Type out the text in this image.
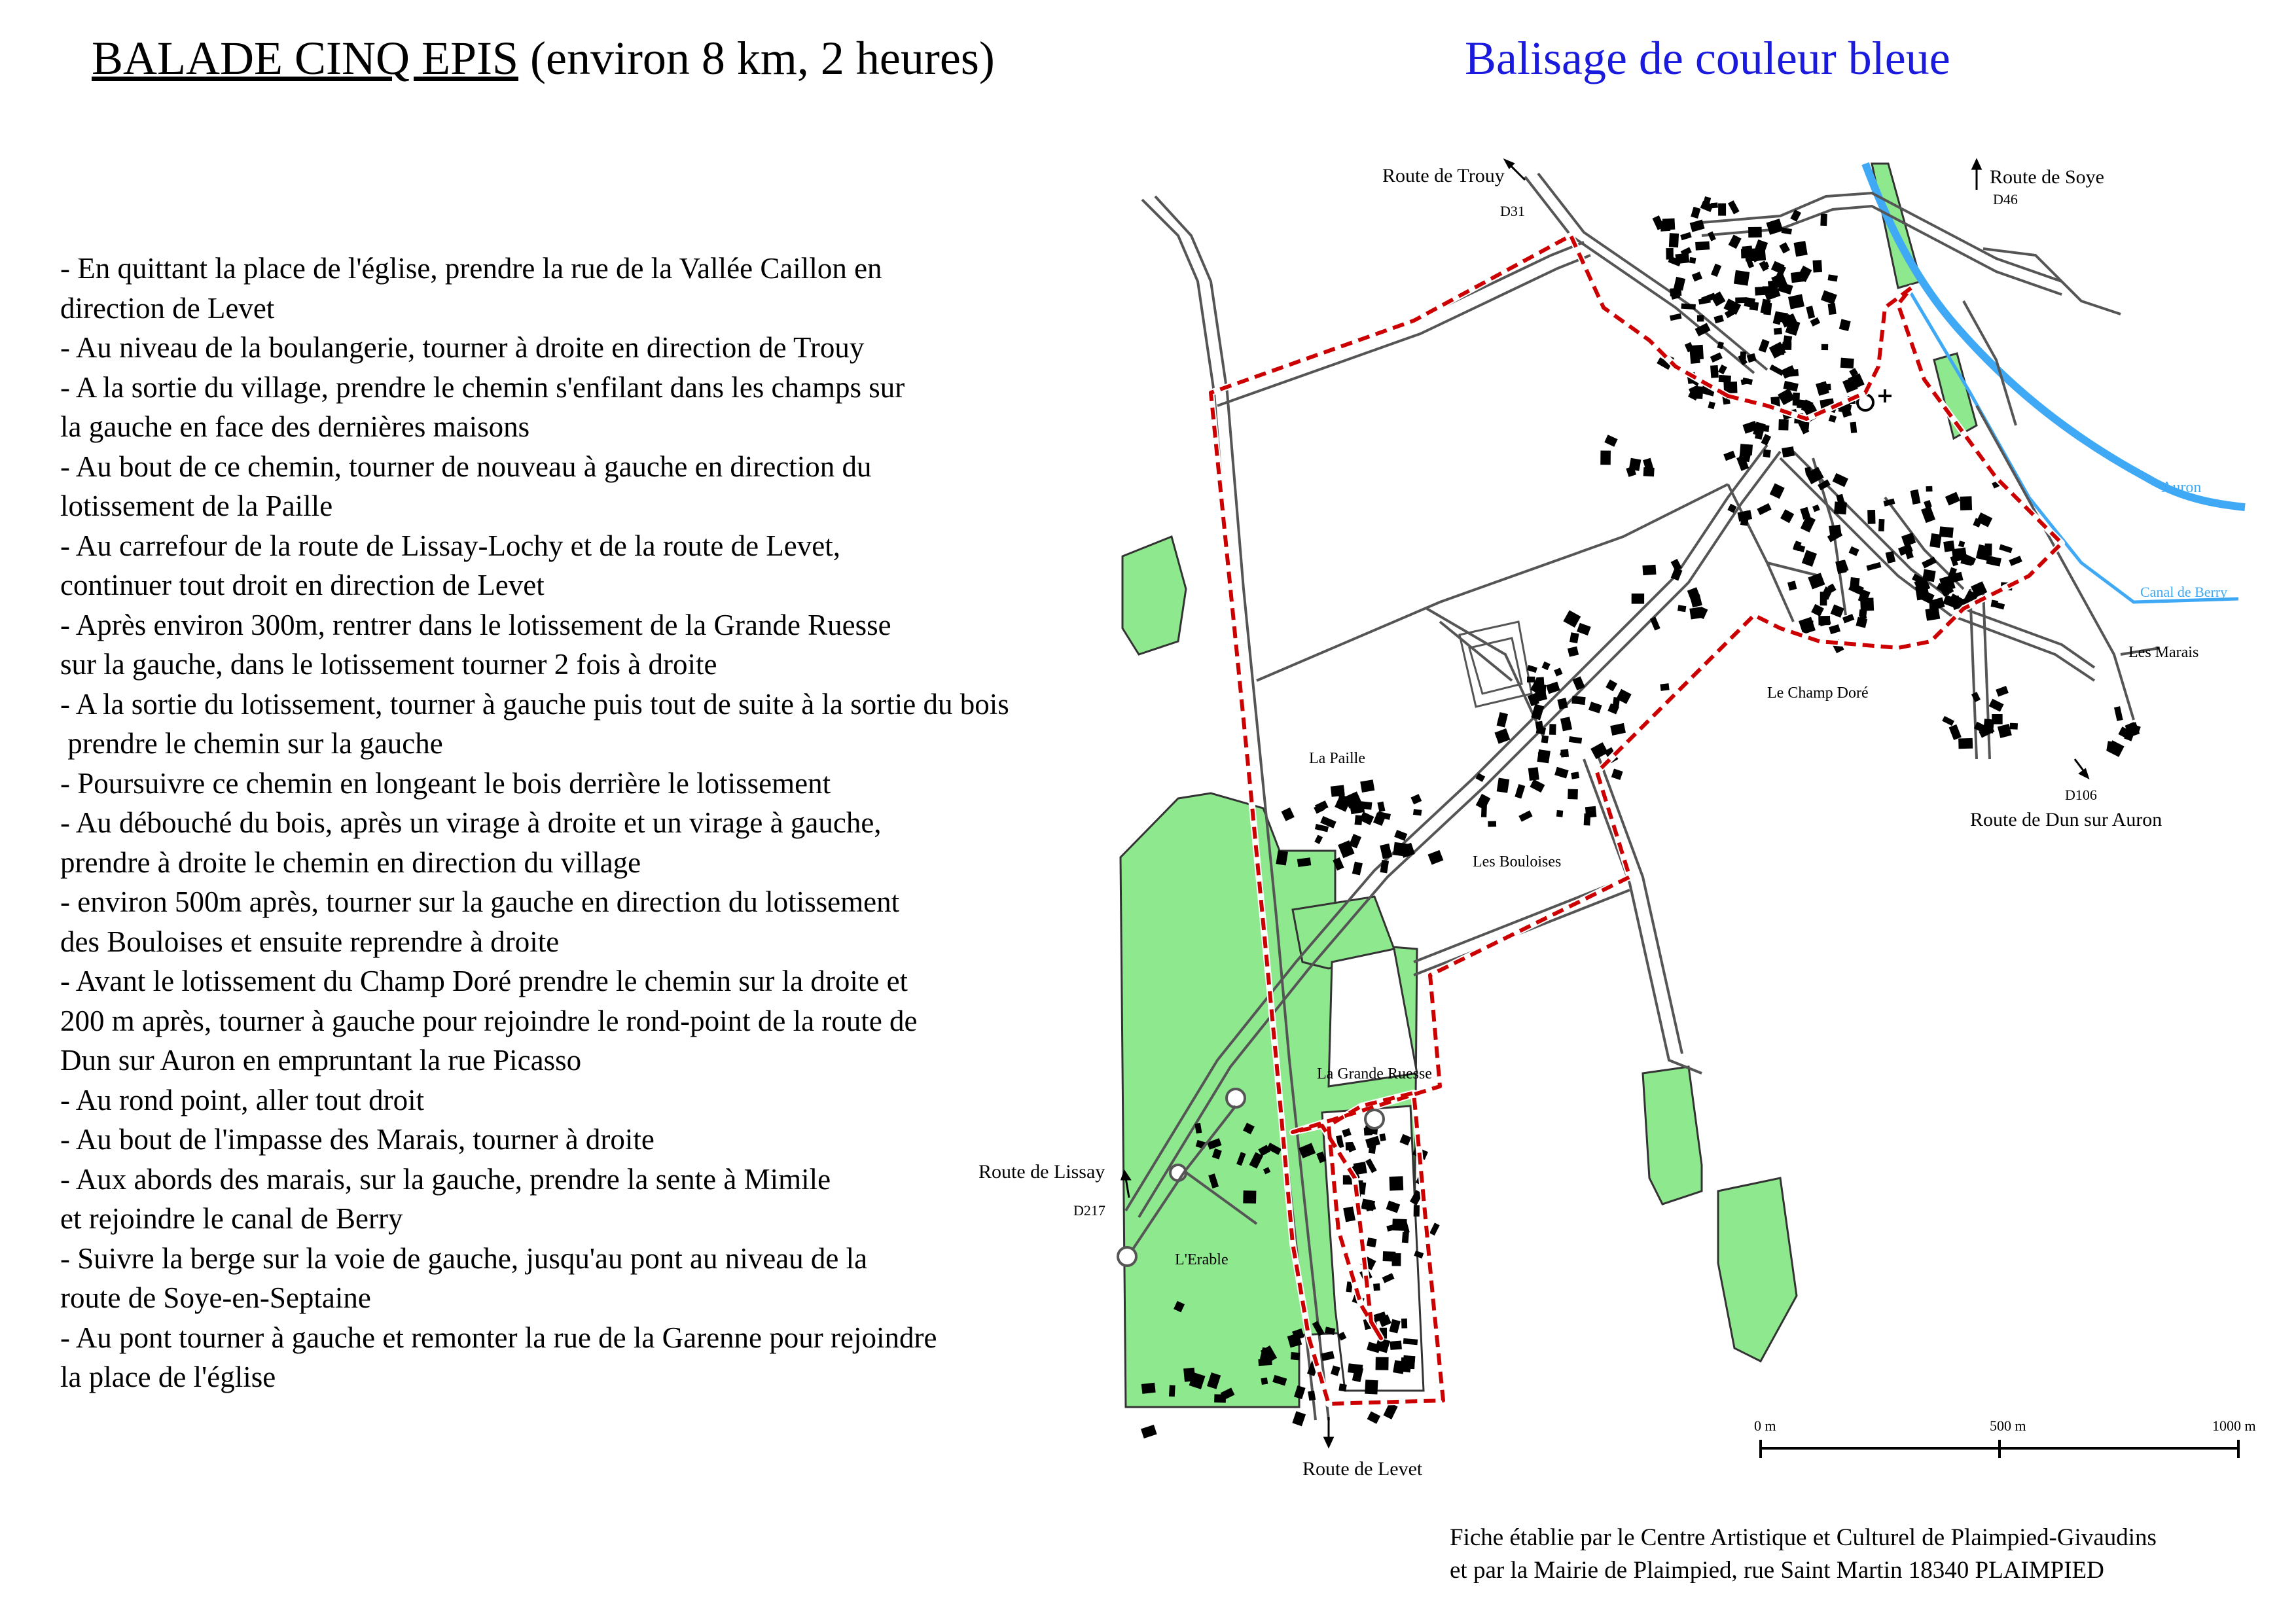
BALADE CINQ EPIS (environ 8 km, 2 heures)	Balisage de couleur bleue
- En quittant la place de l'église, prendre la rue de la Vallée Caillon en
direction de Levet
- Au niveau de la boulangerie, tourner à droite en direction de Trouy
- A la sortie du village, prendre le chemin s'enfilant dans les champs sur
la gauche en face des dernières maisons
- Au bout de ce chemin, tourner de nouveau à gauche en direction du
lotissement de la Paille
- Au carrefour de la route de Lissay-Lochy et de la route de Levet,
continuer tout droit en direction de Levet
- Après environ 300m, rentrer dans le lotissement de la Grande Ruesse
sur la gauche, dans le lotissement tourner 2 fois à droite
- A la sortie du lotissement, tourner à gauche puis tout de suite à la sortie du bois
prendre le chemin sur la gauche
- Poursuivre ce chemin en longeant le bois derrière le lotissement
- Au débouché du bois, après un virage à droite et un virage à gauche,
prendre à droite le chemin en direction du village
- environ 500m après, tourner sur la gauche en direction du lotissement
des Bouloises et ensuite reprendre à droite
- Avant le lotissement du Champ Doré prendre le chemin sur la droite et
200 m après, tourner à gauche pour rejoindre le rond-point de la route de
Dun sur Auron en empruntant la rue Picasso
- Au rond point, aller tout droit
- Au bout de l'impasse des Marais, tourner à droite
- Aux abords des marais, sur la gauche, prendre la sente à Mimile
et rejoindre le canal de Berry
- Suivre la berge sur la voie de gauche, jusqu'au pont au niveau de la
route de Soye-en-Septaine
- Au pont tourner à gauche et remonter la rue de la Garenne pour rejoindre
la place de l'église
Route de Trouy
D31
Route de Soye
D46
Auron
Canal de Berry
Les Marais
Le Champ Doré
D106
Route de Dun sur Auron
La Paille
Les Bouloises
La Grande Ruesse
Route de Lissay
D217
L'Erable
Route de Levet
0 m	500 m	1000 m
Fiche établie par le Centre Artistique et Culturel de Plaimpied-Givaudins
et par la Mairie de Plaimpied, rue Saint Martin 18340 PLAIMPIED
